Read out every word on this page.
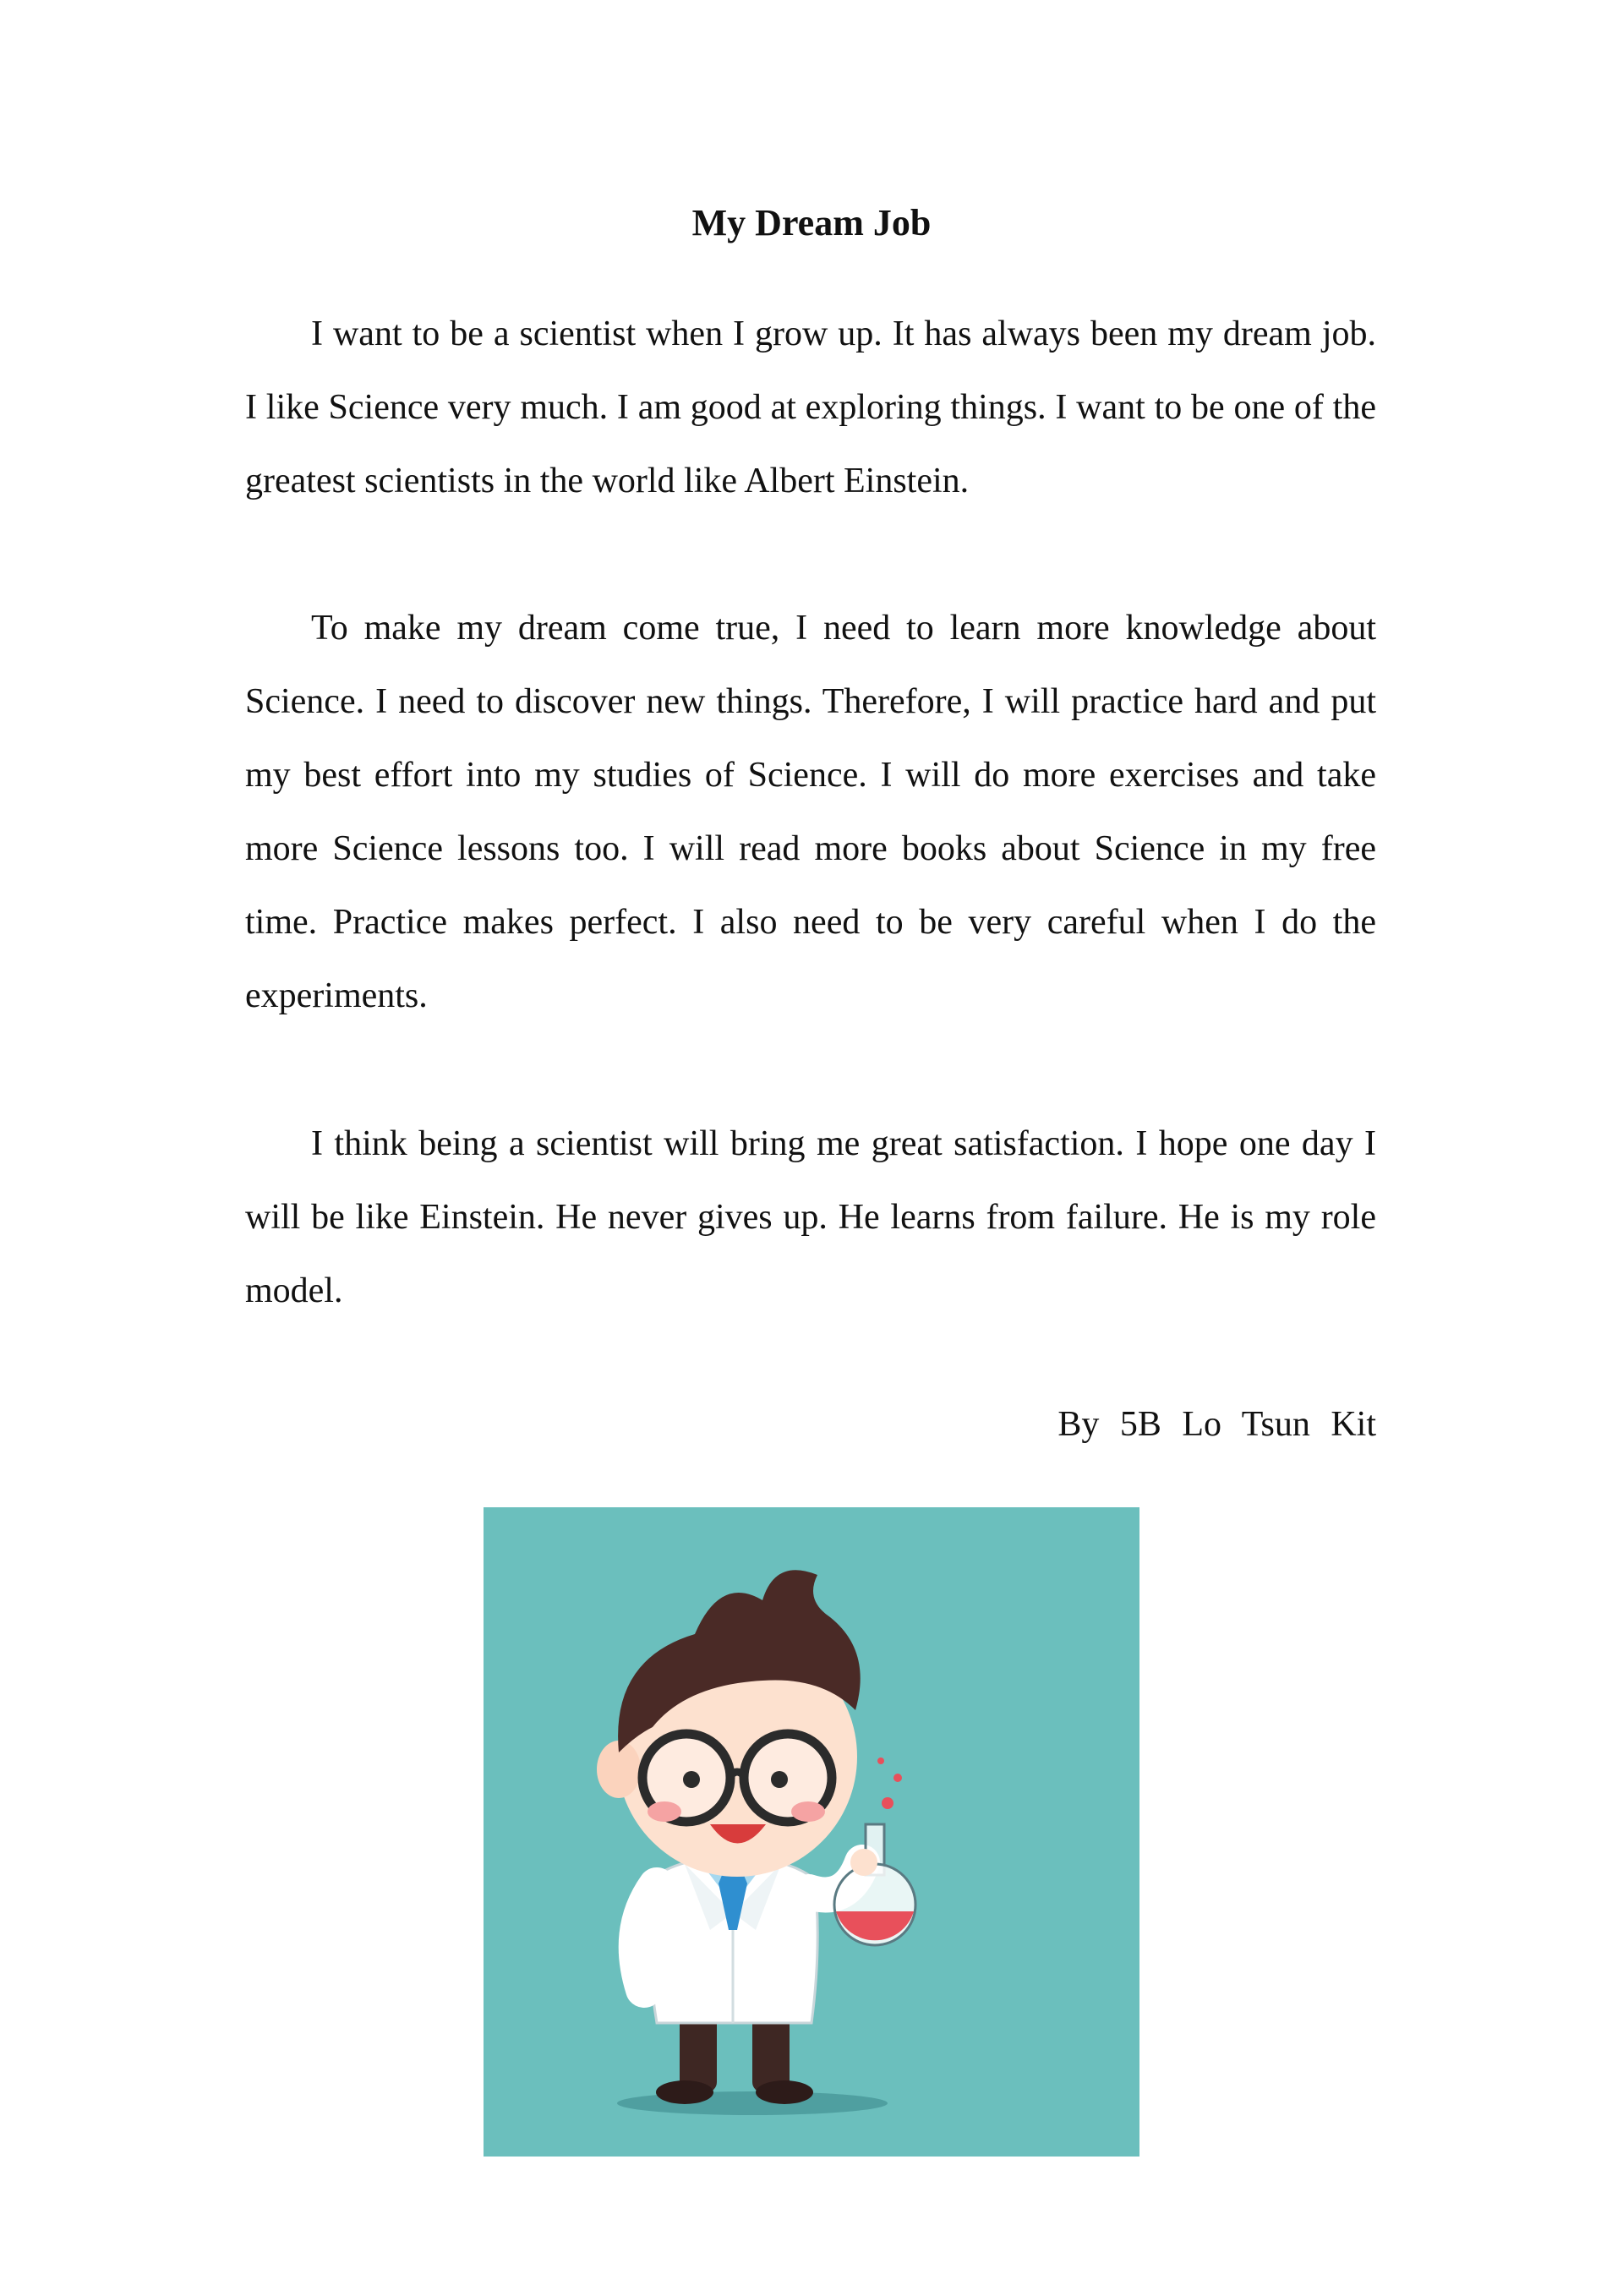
My Dream Job

I want to be a scientist when I grow up. It has always been my dream job. I like Science very much. I am good at exploring things. I want to be one of the greatest scientists in the world like Albert Einstein.

To make my dream come true, I need to learn more knowledge about Science. I need to discover new things. Therefore, I will practice hard and put my best effort into my studies of Science. I will do more exercises and take more Science lessons too. I will read more books about Science in my free time. Practice makes perfect. I also need to be very careful when I do the experiments.

I think being a scientist will bring me great satisfaction. I hope one day I will be like Einstein. He never gives up. He learns from failure. He is my role model.

By 5B Lo Tsun Kit
